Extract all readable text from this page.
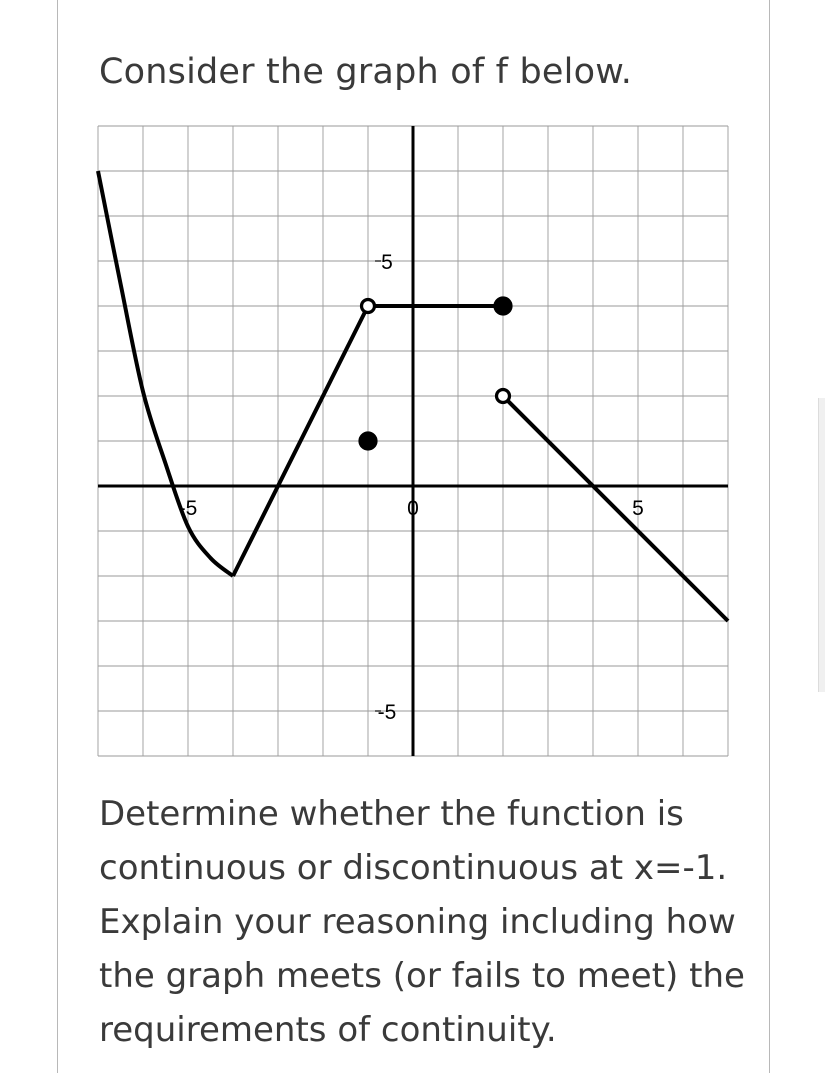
Consider the graph of f below.

-5	0	5
5
-5
Determine whether the function is
continuous or discontinuous at x=-1.
Explain your reasoning including how
the graph meets (or fails to meet) the
requirements of continuity.
